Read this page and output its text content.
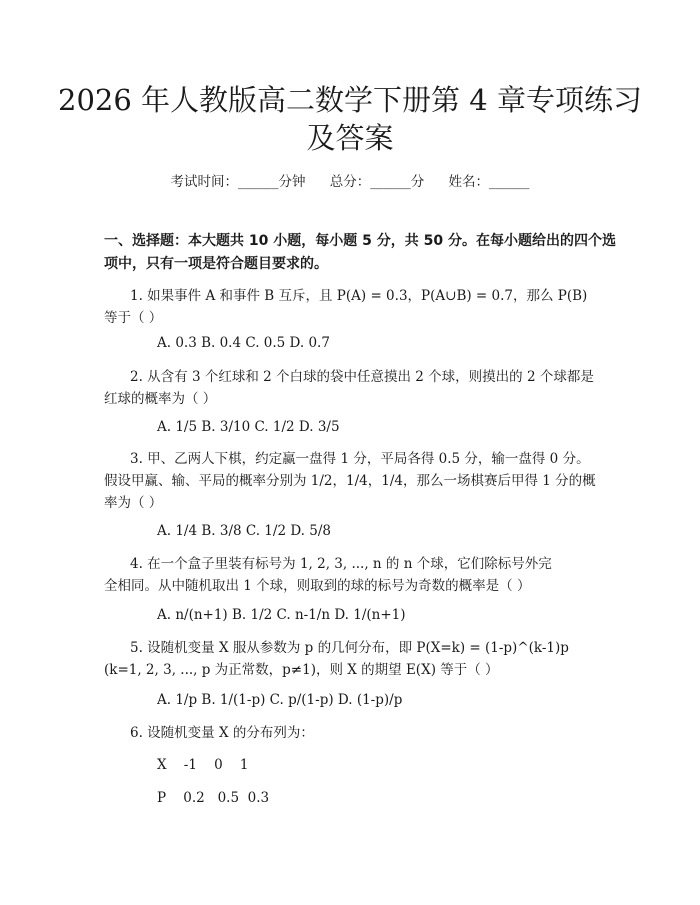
2026 年人教版高二数学下册第 4 章专项练习
及答案
考试时间：______分钟 总分：______分 姓名：______
一、选择题：本大题共 10 小题，每小题 5 分，共 50 分。在每小题给出的四个选
项中，只有一项是符合题目要求的。
1. 如果事件 A 和事件 B 互斥，且 P(A) = 0.3，P(A∪B) = 0.7，那么 P(B)
等于（ ）
A. 0.3 B. 0.4 C. 0.5 D. 0.7
2. 从含有 3 个红球和 2 个白球的袋中任意摸出 2 个球，则摸出的 2 个球都是
红球的概率为（ ）
A. 1/5 B. 3/10 C. 1/2 D. 3/5
3. 甲、乙两人下棋，约定赢一盘得 1 分，平局各得 0.5 分，输一盘得 0 分。
假设甲赢、输、平局的概率分别为 1/2，1/4，1/4，那么一场棋赛后甲得 1 分的概
率为（ ）
A. 1/4 B. 3/8 C. 1/2 D. 5/8
4. 在一个盒子里装有标号为 1, 2, 3, ..., n 的 n 个球，它们除标号外完
全相同。从中随机取出 1 个球，则取到的球的标号为奇数的概率是（ ）
A. n/(n+1) B. 1/2 C. n-1/n D. 1/(n+1)
5. 设随机变量 X 服从参数为 p 的几何分布，即 P(X=k) = (1-p)^(k-1)p
(k=1, 2, 3, ..., p 为正常数，p≠1)，则 X 的期望 E(X) 等于（ ）
A. 1/p B. 1/(1-p) C. p/(1-p) D. (1-p)/p
6. 设随机变量 X 的分布列为：
X    -1    0    1
P    0.2   0.5  0.3
